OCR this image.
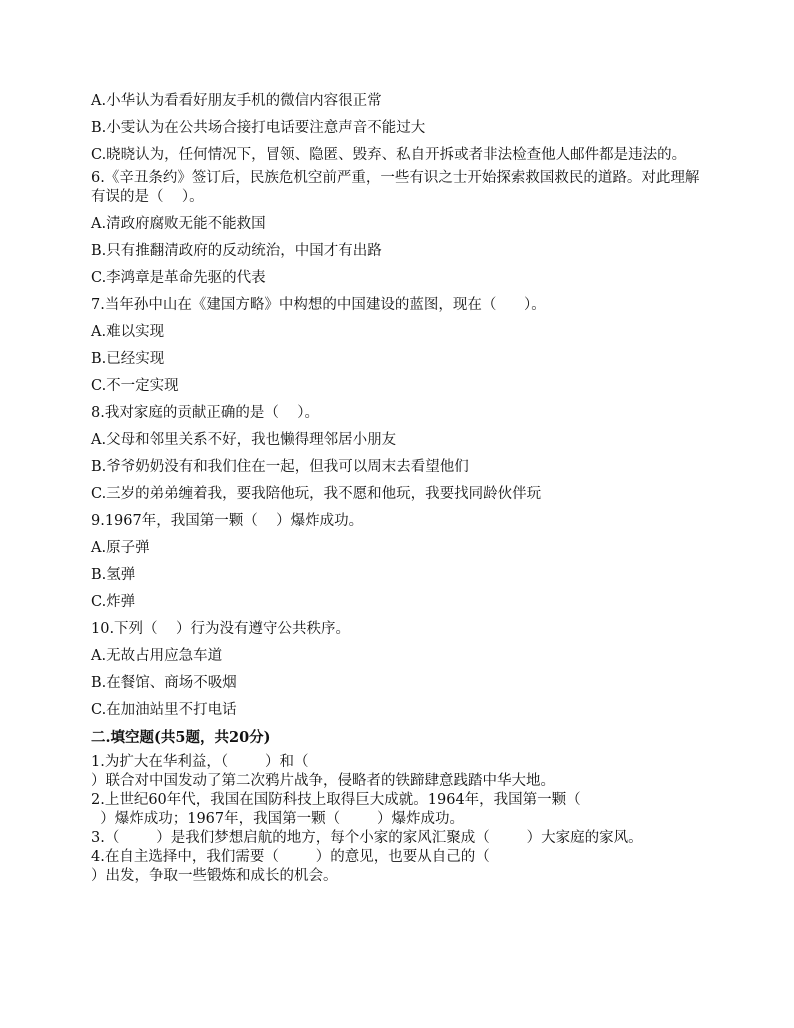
A.小华认为看看好朋友手机的微信内容很正常

B.小雯认为在公共场合接打电话要注意声音不能过大

C.晓晓认为，任何情况下，冒领、隐匿、毁弃、私自开拆或者非法检查他人邮件都是违法的。

6.《辛丑条约》签订后，民族危机空前严重，一些有识之士开始探索救国救民的道路。对此理解有误的是（    ）。

A.清政府腐败无能不能救国

B.只有推翻清政府的反动统治，中国才有出路

C.李鸿章是革命先驱的代表

7.当年孙中山在《建国方略》中构想的中国建设的蓝图，现在（      ）。

A.难以实现

B.已经实现

C.不一定实现

8.我对家庭的贡献正确的是（    ）。

A.父母和邻里关系不好，我也懒得理邻居小朋友

B.爷爷奶奶没有和我们住在一起，但我可以周末去看望他们

C.三岁的弟弟缠着我，要我陪他玩，我不愿和他玩，我要找同龄伙伴玩

9.1967年，我国第一颗（    ）爆炸成功。

A.原子弹

B.氢弹

C.炸弹

10.下列（    ）行为没有遵守公共秩序。

A.无故占用应急车道

B.在餐馆、商场不吸烟

C.在加油站里不打电话

二.填空题(共5题，共20分)

1.为扩大在华利益，（        ）和（

）联合对中国发动了第二次鸦片战争，侵略者的铁蹄肆意践踏中华大地。

2.上世纪60年代，我国在国防科技上取得巨大成就。1964年，我国第一颗（

）爆炸成功；1967年，我国第一颗（        ）爆炸成功。

3.（        ）是我们梦想启航的地方，每个小家的家风汇聚成（        ）大家庭的家风。

4.在自主选择中，我们需要（        ）的意见，也要从自己的（

）出发，争取一些锻炼和成长的机会。
